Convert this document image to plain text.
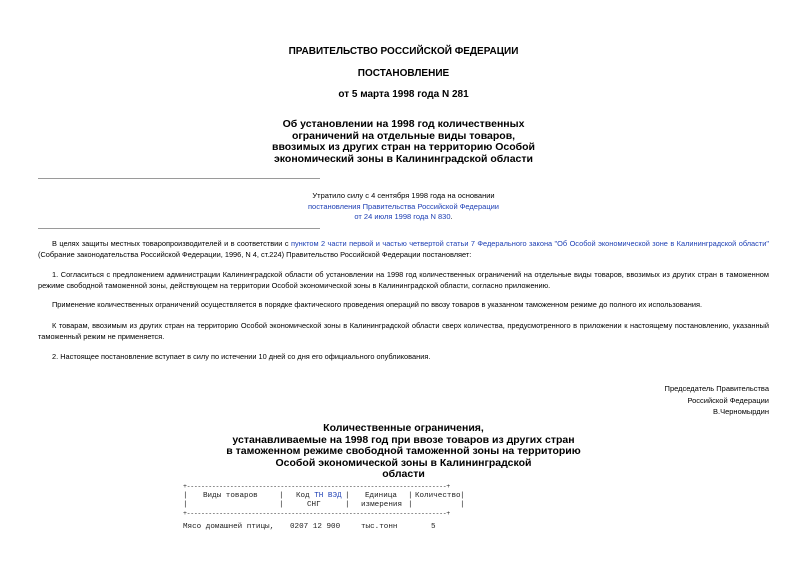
ПРАВИТЕЛЬСТВО РОССИЙСКОЙ ФЕДЕРАЦИИ
ПОСТАНОВЛЕНИЕ
от 5 марта 1998 года N 281
Об установлении на 1998 год количественных
ограничений на отдельные виды товаров,
ввозимых из других стран на территорию Особой
экономический зоны в Калининградской области
Утратило силу с 4 сентября 1998 года на основании
постановления Правительства Российской Федерации
от 24 июля 1998 года N 830.
В целях защиты местных товаропроизводителей и в соответствии с пунктом 2 части первой и частью четвертой статьи 7 Федерального закона "Об Особой экономической зоне в Калининградской области" (Собрание законодательства Российской Федерации, 1996, N 4, ст.224) Правительство Российской Федерации постановляет:
1. Согласиться с предложением администрации Калининградской области об установлении на 1998 год количественных ограничений на отдельные виды товаров, ввозимых из других стран в таможенном режиме свободной таможенной зоны, действующем на территории Особой экономической зоны в Калининградской области, согласно приложению.
Применение количественных ограничений осуществляется в порядке фактического проведения операций по ввозу товаров в указанном таможенном режиме до полного их использования.
К товарам, ввозимым из других стран на территорию Особой экономической зоны в Калининградской области сверх количества, предусмотренного в приложении к настоящему постановлению, указанный таможенный режим не применяется.
2. Настоящее постановление вступает в силу по истечении 10 дней со дня его официального опубликования.
Председатель Правительства
Российской Федерации
В.Черномырдин
Количественные ограничения,
устанавливаемые на 1998 год при ввозе товаров из других стран
в таможенном режиме свободной таможенной зоны на территорию
Особой экономической зоны в Калининградской
области
+------------------------------------------------------------------------+
| Виды товаров	| Код ТН ВЭД | Единица | Количество |
|	|	СНГ	| измерения |	|
+------------------------------------------------------------------------+
Мясо домашней птицы, 0207 12 900	тыс.тонн	5
